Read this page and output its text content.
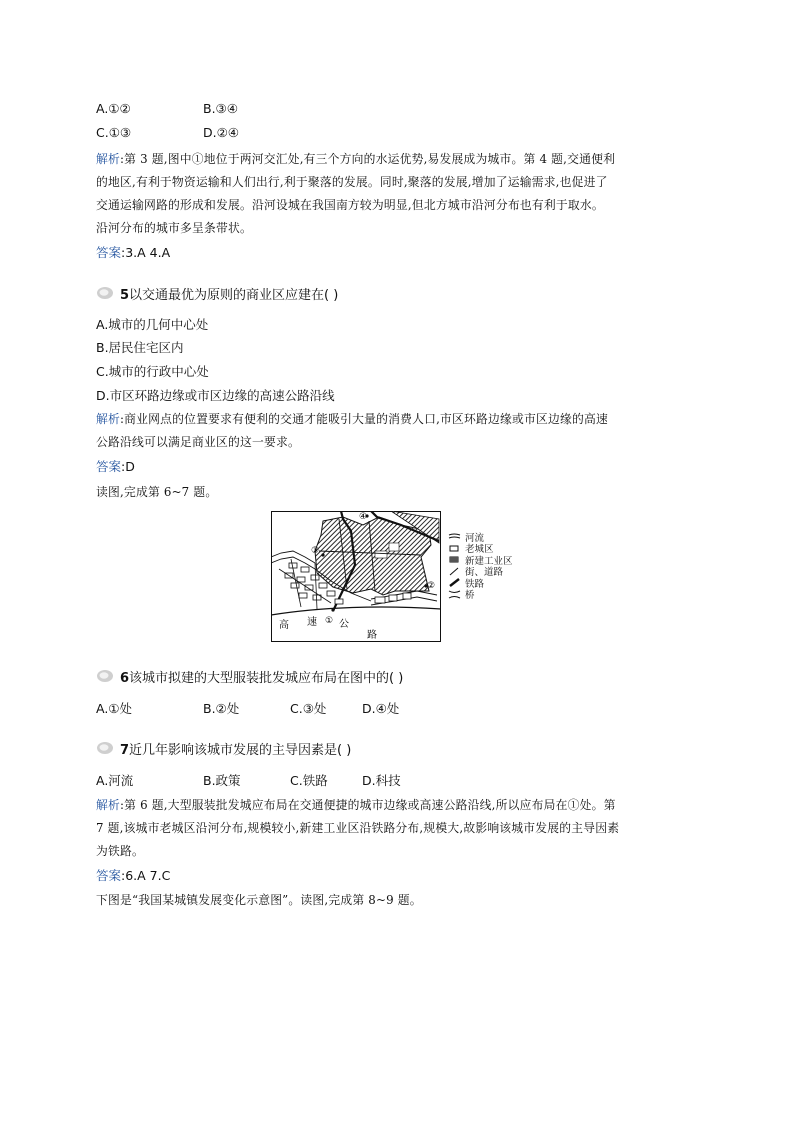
A.①②	B.③④
C.①③	D.②④
解析:第 3 题,图中①地位于两河交汇处,有三个方向的水运优势,易发展成为城市。第 4 题,交通便利
的地区,有利于物资运输和人们出行,利于聚落的发展。同时,聚落的发展,增加了运输需求,也促进了
交通运输网路的形成和发展。沿河设城在我国南方较为明显,但北方城市沿河分布也有利于取水。
沿河分布的城市多呈条带状。
答案:3.A 4.A
5以交通最优为原则的商业区应建在( )
A.城市的几何中心处
B.居民住宅区内
C.城市的行政中心处
D.市区环路边缘或市区边缘的高速公路沿线
解析:商业网点的位置要求有便利的交通才能吸引大量的消费人口,市区环路边缘或市区边缘的高速
公路沿线可以满足商业区的这一要求。
答案:D
读图,完成第 6~7 题。
④
②
③
①
高 速 公
路
河流
老城区
新建工业区
街、道路
铁路
桥
6该城市拟建的大型服装批发城应布局在图中的( )
A.①处	B.②处	C.③处	D.④处
7近几年影响该城市发展的主导因素是( )
A.河流	B.政策	C.铁路	D.科技
解析:第 6 题,大型服装批发城应布局在交通便捷的城市边缘或高速公路沿线,所以应布局在①处。第
7 题,该城市老城区沿河分布,规模较小,新建工业区沿铁路分布,规模大,故影响该城市发展的主导因素
为铁路。
答案:6.A 7.C
下图是“我国某城镇发展变化示意图”。读图,完成第 8~9 题。
